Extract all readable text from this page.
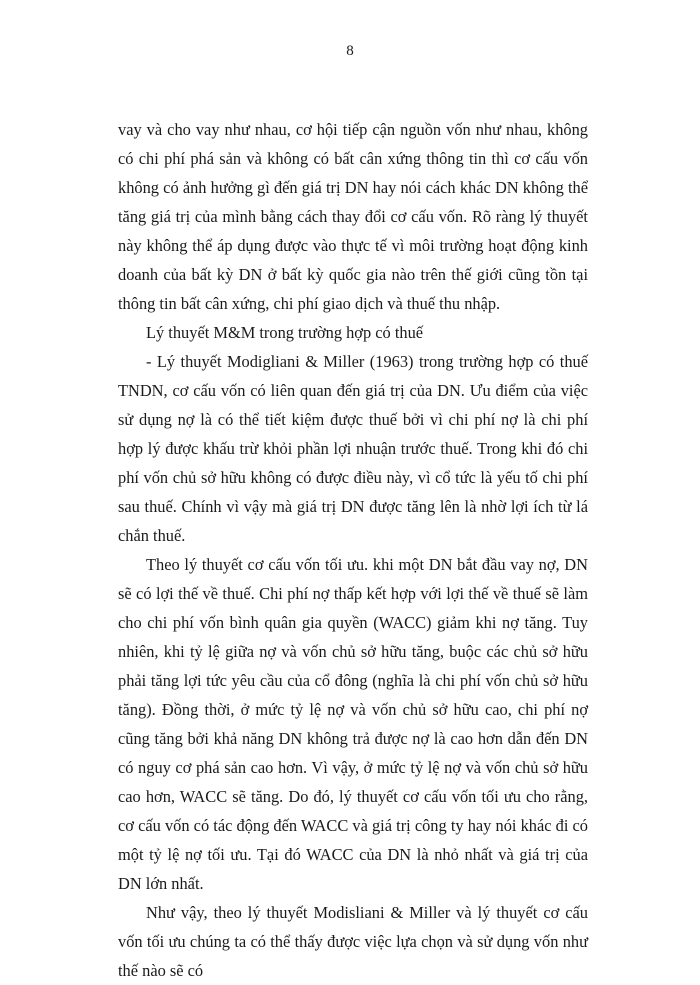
8

vay và cho vay như nhau, cơ hội tiếp cận nguồn vốn như nhau, không có chi phí phá sản và không có bất cân xứng thông tin thì cơ cấu vốn không có ảnh hưởng gì đến giá trị DN hay nói cách khác DN không thể tăng giá trị của mình bằng cách thay đổi cơ cấu vốn. Rõ ràng lý thuyết này không thể áp dụng được vào thực tế vì môi trường hoạt động kinh doanh của bất kỳ DN ở bất kỳ quốc gia nào trên thế giới cũng tồn tại thông tin bất cân xứng, chi phí giao dịch và thuế thu nhập.

Lý thuyết M&M trong trường hợp có thuế

- Lý thuyết Modigliani & Miller (1963) trong trường hợp có thuế TNDN, cơ cấu vốn có liên quan đến giá trị của DN. Ưu điểm của việc sử dụng nợ là có thể tiết kiệm được thuế bởi vì chi phí nợ là chi phí hợp lý được khấu trừ khỏi phần lợi nhuận trước thuế. Trong khi đó chi phí vốn chủ sở hữu không có được điều này, vì cổ tức là yếu tố chi phí sau thuế. Chính vì vậy mà giá trị DN được tăng lên là nhờ lợi ích từ lá chắn thuế.

Theo lý thuyết cơ cấu vốn tối ưu. khi một DN bắt đầu vay nợ, DN sẽ có lợi thế về thuế. Chi phí nợ thấp kết hợp với lợi thế về thuế sẽ làm cho chi phí vốn bình quân gia quyền (WACC) giảm khi nợ tăng. Tuy nhiên, khi tỷ lệ giữa nợ và vốn chủ sở hữu tăng, buộc các chủ sở hữu phải tăng lợi tức yêu cầu của cổ đông (nghĩa là chi phí vốn chủ sở hữu tăng). Đồng thời, ở mức tỷ lệ nợ và vốn chủ sở hữu cao, chi phí nợ cũng tăng bởi khả năng DN không trả được nợ là cao hơn dẫn đến DN có nguy cơ phá sản cao hơn. Vì vậy, ở mức tỷ lệ nợ và vốn chủ sở hữu cao hơn, WACC sẽ tăng. Do đó, lý thuyết cơ cấu vốn tối ưu cho rằng, cơ cấu vốn có tác động đến WACC và giá trị công ty hay nói khác đi có một tỷ lệ nợ tối ưu. Tại đó WACC của DN là nhỏ nhất và giá trị của DN lớn nhất.

Như vậy, theo lý thuyết Modisliani & Miller và lý thuyết cơ cấu vốn tối ưu chúng ta có thể thấy được việc lựa chọn và sử dụng vốn như thế nào sẽ có
